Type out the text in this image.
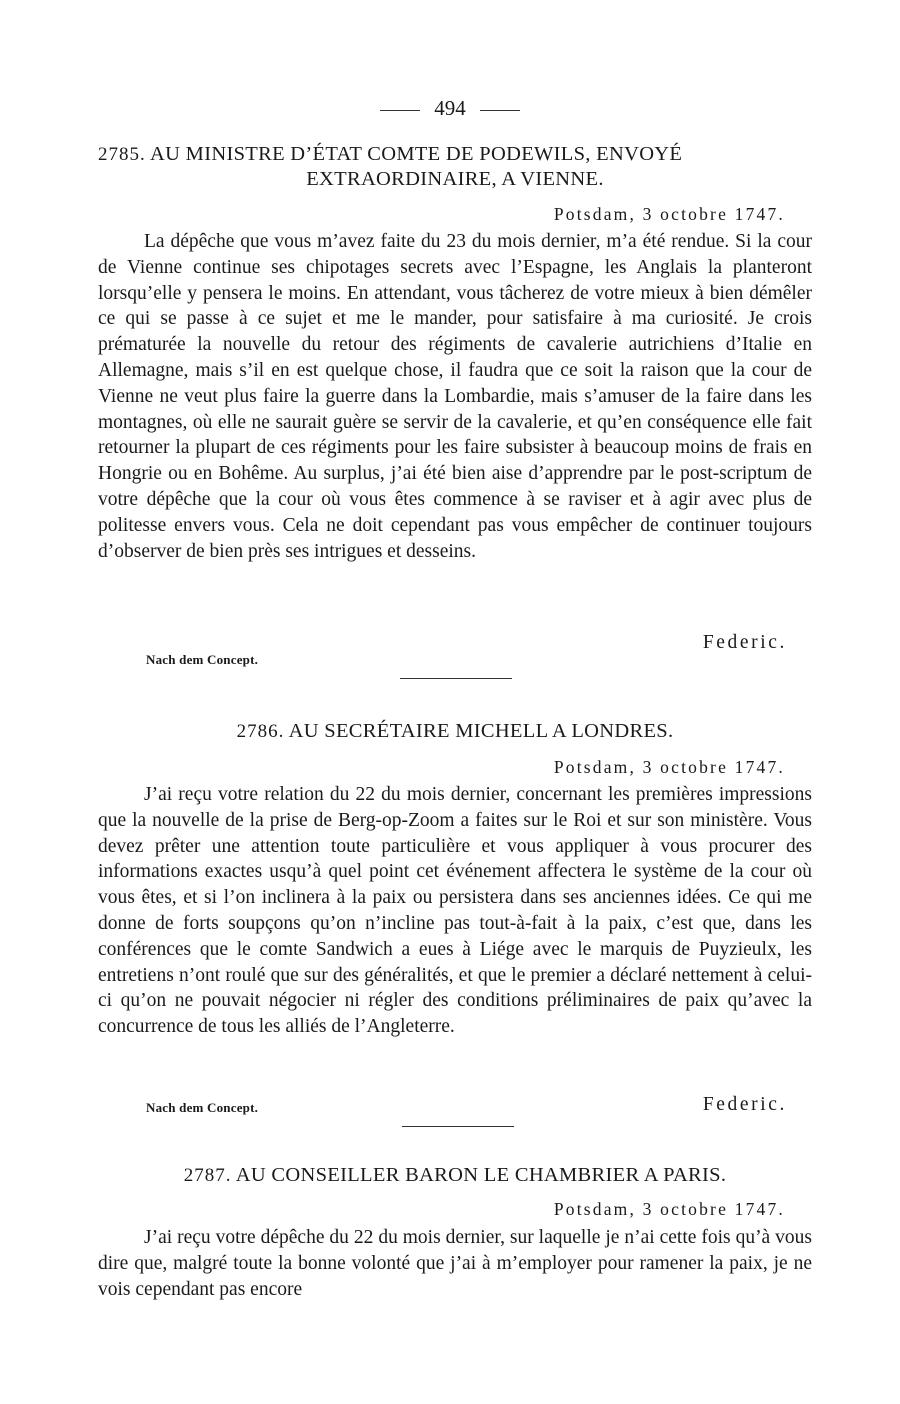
494
2785. AU MINISTRE D’ÉTAT COMTE DE PODEWILS, ENVOYÉ
EXTRAORDINAIRE, A VIENNE.
Potsdam, 3 octobre 1747.
La dépêche que vous m’avez faite du 23 du mois dernier, m’a été rendue. Si la cour de Vienne continue ses chipotages secrets avec l’Espagne, les Anglais la planteront lorsqu’elle y pensera le moins. En attendant, vous tâcherez de votre mieux à bien démêler ce qui se passe à ce sujet et me le mander, pour satisfaire à ma curiosité. Je crois prématurée la nouvelle du retour des régiments de cavalerie autrichiens d’Italie en Allemagne, mais s’il en est quelque chose, il faudra que ce soit la raison que la cour de Vienne ne veut plus faire la guerre dans la Lombardie, mais s’amuser de la faire dans les montagnes, où elle ne saurait guère se servir de la cavalerie, et qu’en conséquence elle fait retourner la plupart de ces régiments pour les faire subsister à beaucoup moins de frais en Hongrie ou en Bohême. Au surplus, j’ai été bien aise d’apprendre par le post-scriptum de votre dépêche que la cour où vous êtes commence à se raviser et à agir avec plus de politesse envers vous. Cela ne doit cependant pas vous empêcher de continuer toujours d’observer de bien près ses intrigues et desseins.
Federic.
Nach dem Concept.
2786. AU SECRÉTAIRE MICHELL A LONDRES.
Potsdam, 3 octobre 1747.
J’ai reçu votre relation du 22 du mois dernier, concernant les premières impressions que la nouvelle de la prise de Berg-op-Zoom a faites sur le Roi et sur son ministère. Vous devez prêter une attention toute particulière et vous appliquer à vous procurer des informations exactes usqu’à quel point cet événement affectera le système de la cour où vous êtes, et si l’on inclinera à la paix ou persistera dans ses anciennes idées. Ce qui me donne de forts soupçons qu’on n’incline pas tout-à-fait à la paix, c’est que, dans les conférences que le comte Sandwich a eues à Liége avec le marquis de Puyzieulx, les entretiens n’ont roulé que sur des généralités, et que le premier a déclaré nettement à celui-ci qu’on ne pouvait négocier ni régler des conditions préliminaires de paix qu’avec la concurrence de tous les alliés de l’Angleterre.
Nach dem Concept.	Federic.
2787. AU CONSEILLER BARON LE CHAMBRIER A PARIS.
Potsdam, 3 octobre 1747.
J’ai reçu votre dépêche du 22 du mois dernier, sur laquelle je n’ai cette fois qu’à vous dire que, malgré toute la bonne volonté que j’ai à m’employer pour ramener la paix, je ne vois cependant pas encore
